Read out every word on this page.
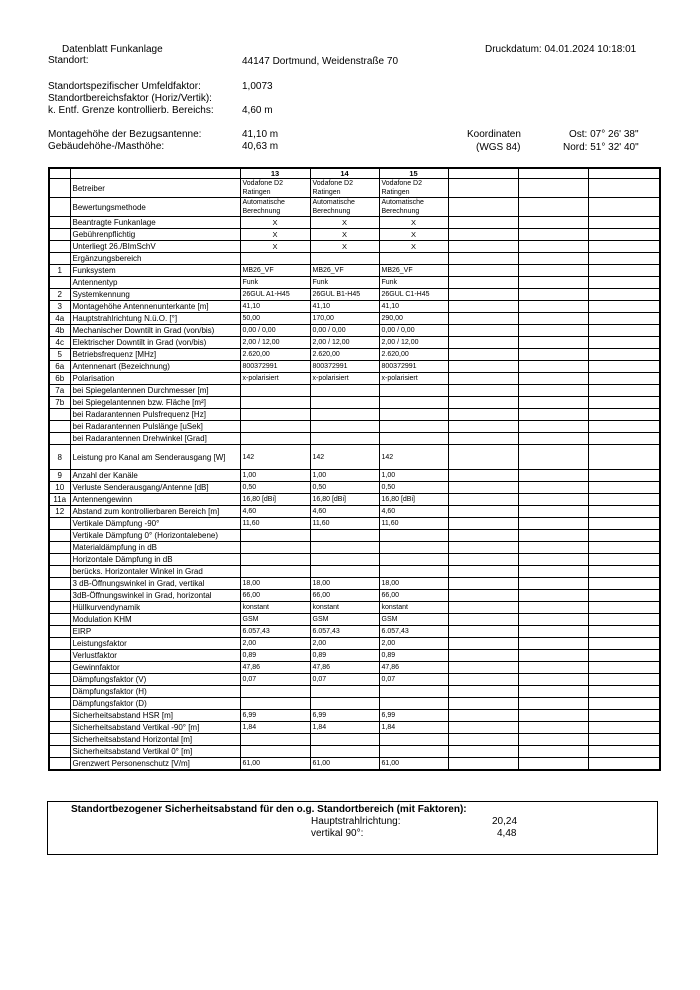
Datenblatt Funkanlage	Druckdatum: 04.01.2024 10:18:01
Standort:	44147 Dortmund, Weidenstraße 70
Standortspezifischer Umfeldfaktor:	1,0073
Standortbereichsfaktor (Horiz/Vertik):
k. Entf. Grenze kontrollierb. Bereichs:	4,60 m
Montagehöhe der Bezugsantenne:	41,10 m
Gebäudehöhe-/Masthöhe:	40,63 m
Koordinaten
(WGS 84)
Ost: 07° 26' 38"
Nord: 51° 32' 40"
		13	14	15			
	Betreiber	Vodafone D2 Ratingen	Vodafone D2 Ratingen	Vodafone D2 Ratingen			
	Bewertungsmethode	Automatische Berechnung	Automatische Berechnung	Automatische Berechnung			
	Beantragte Funkanlage	X	X	X			
	Gebührenpflichtig	X	X	X			
	Unterliegt 26./BImSchV	X	X	X			
	Ergänzungsbereich						
1	Funksystem	MB26_VF	MB26_VF	MB26_VF			
	Antennentyp	Funk	Funk	Funk			
2	Systemkennung	26GUL A1-H45	26GUL B1-H45	26GUL C1-H45			
3	Montagehöhe Antennenunterkante [m]	41,10	41,10	41,10			
4a	Hauptstrahlrichtung N.ü.O. [°]	50,00	170,00	290,00			
4b	Mechanischer Downtilt in Grad (von/bis)	0,00 / 0,00	0,00 / 0,00	0,00 / 0,00			
4c	Elektrischer Downtilt in Grad (von/bis)	2,00 / 12,00	2,00 / 12,00	2,00 / 12,00			
5	Betriebsfrequenz [MHz]	2.620,00	2.620,00	2.620,00			
6a	Antennenart (Bezeichnung)	800372991	800372991	800372991			
6b	Polarisation	x-polarisiert	x-polarisiert	x-polarisiert			
7a	bei Spiegelantennen Durchmesser [m]						
7b	bei Spiegelantennen bzw. Fläche [m²]						
	bei Radarantennen Pulsfrequenz [Hz]						
	bei Radarantennen Pulslänge [uSek]						
	bei Radarantennen Drehwinkel [Grad]						
8	Leistung pro Kanal am Senderausgang [W]	142	142	142			
9	Anzahl der Kanäle	1,00	1,00	1,00			
10	Verluste Senderausgang/Antenne [dB]	0,50	0,50	0,50			
11a	Antennengewinn	16,80 [dBi]	16,80 [dBi]	16,80 [dBi]			
12	Abstand zum kontrollierbaren Bereich [m]	4,60	4,60	4,60			
	Vertikale Dämpfung -90°	11,60	11,60	11,60			
	Vertikale Dämpfung 0° (Horizontalebene)						
	Materialdämpfung in dB						
	Horizontale Dämpfung in dB						
	berücks. Horizontaler Winkel in Grad						
	3 dB-Öffnungswinkel in Grad, vertikal	18,00	18,00	18,00			
	3dB-Öffnungswinkel in Grad, horizontal	66,00	66,00	66,00			
	Hüllkurvendynamik	konstant	konstant	konstant			
	Modulation KHM	GSM	GSM	GSM			
	EIRP	6.057,43	6.057,43	6.057,43			
	Leistungsfaktor	2,00	2,00	2,00			
	Verlustfaktor	0,89	0,89	0,89			
	Gewinnfaktor	47,86	47,86	47,86			
	Dämpfungsfaktor (V)	0,07	0,07	0,07			
	Dämpfungsfaktor (H)						
	Dämpfungsfaktor (D)						
	Sicherheitsabstand HSR [m]	6,99	6,99	6,99			
	Sicherheitsabstand Vertikal -90° [m]	1,84	1,84	1,84			
	Sicherheitsabstand Horizontal [m]						
	Sicherheitsabstand Vertikal 0° [m]						
	Grenzwert Personenschutz [V/m]	61,00	61,00	61,00			
Standortbezogener Sicherheitsabstand für den o.g. Standortbereich (mit Faktoren):
Hauptstrahlrichtung:	20,24
vertikal 90°:	4,48
